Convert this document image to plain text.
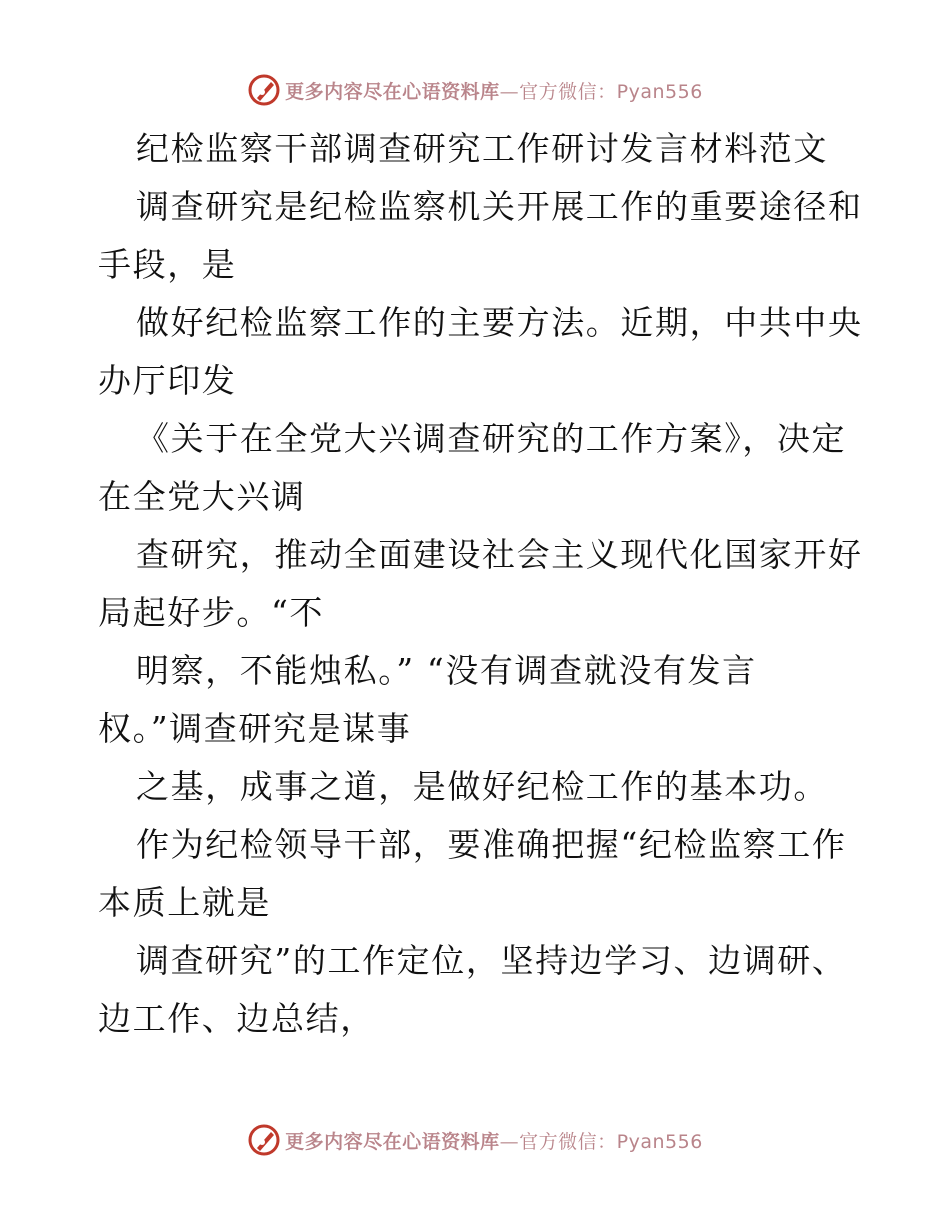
更多内容尽在心语资料库—官方微信：Pyan556
纪检监察干部调查研究工作研讨发言材料范文
调查研究是纪检监察机关开展工作的重要途径和
手段，是
做好纪检监察工作的主要方法。近期，中共中央
办厅印发
《关于在全党大兴调查研究的工作方案》，决定
在全党大兴调
查研究，推动全面建设社会主义现代化国家开好
局起好步。“不
明察，不能烛私。” “没有调查就没有发言
权。”调查研究是谋事
之基，成事之道，是做好纪检工作的基本功。
作为纪检领导干部，要准确把握“纪检监察工作
本质上就是
调查研究”的工作定位，坚持边学习、边调研、
边工作、边总结，
更多内容尽在心语资料库—官方微信：Pyan556
